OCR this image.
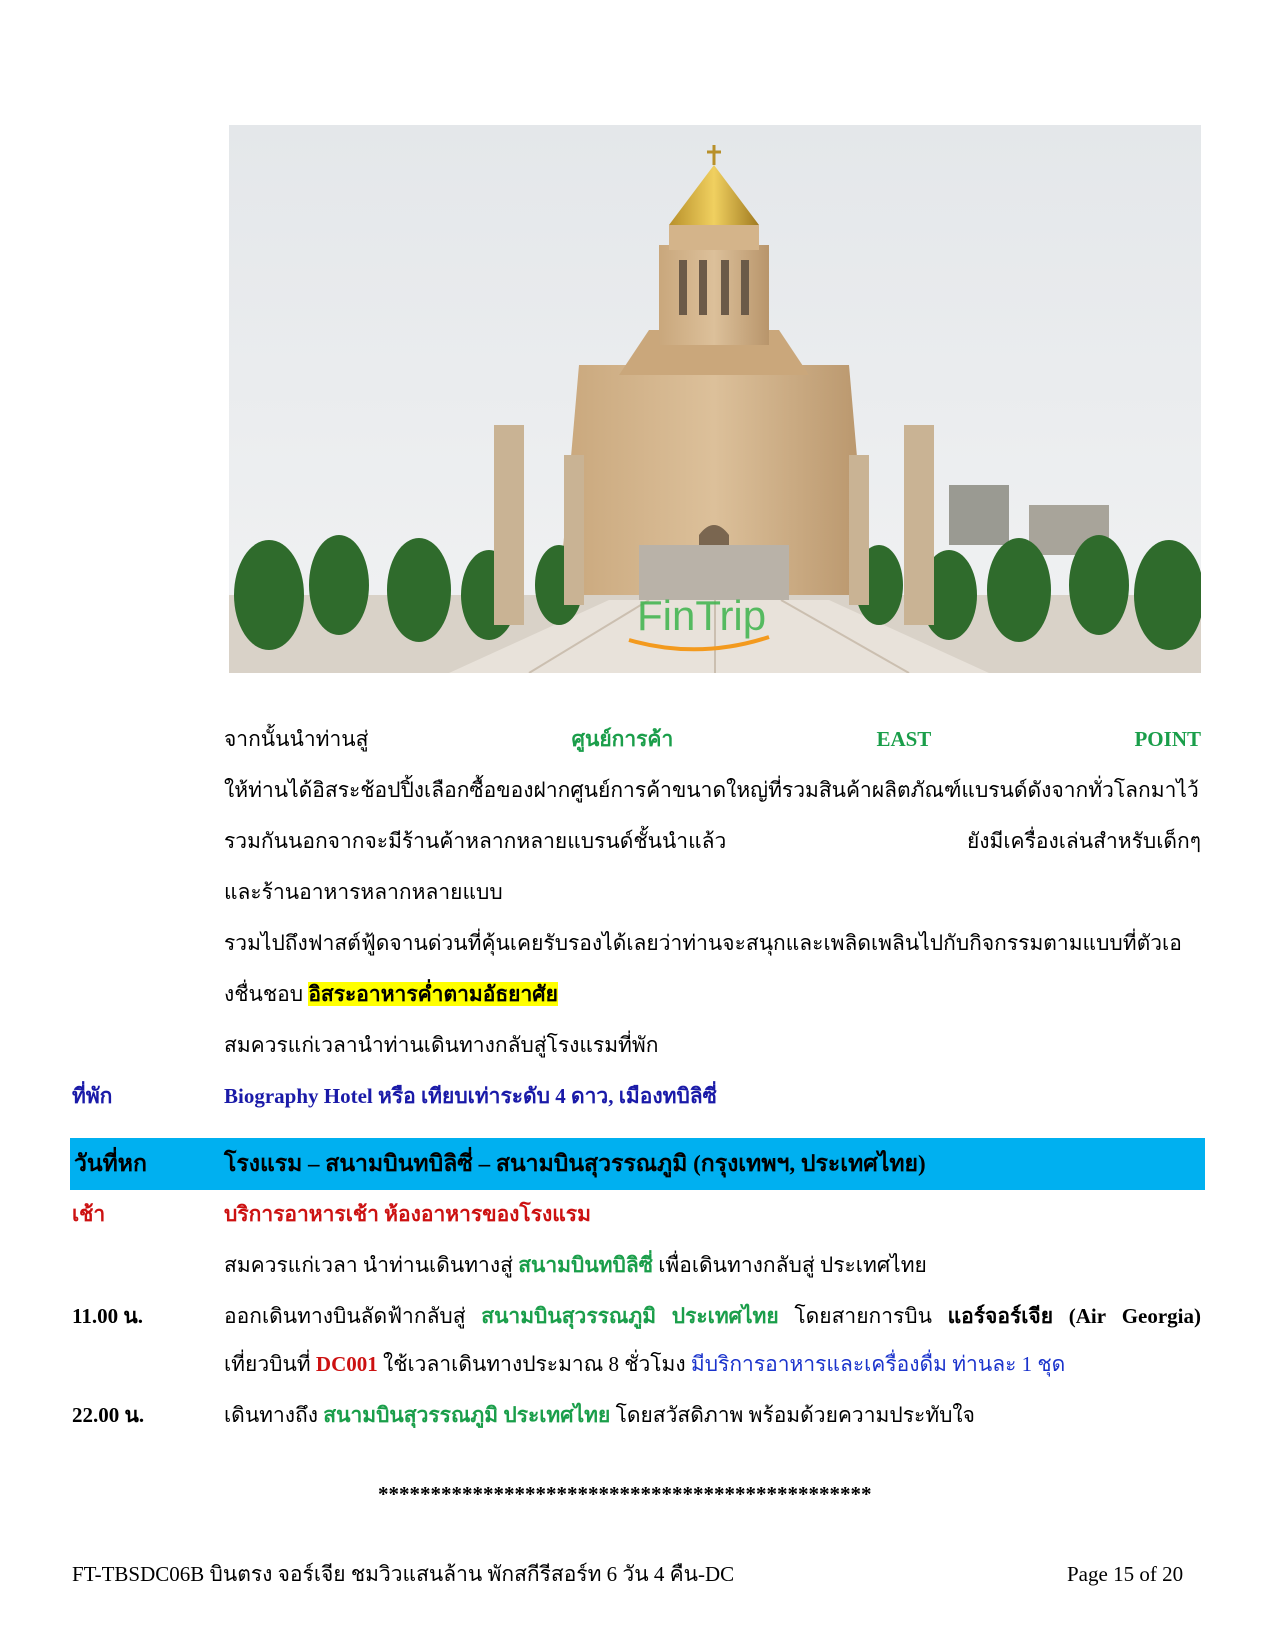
FinTrip
จากนั้นนำท่านสู่	ศูนย์การค้า	EAST	POINT
ให้ท่านได้อิสระช้อปปิ้งเลือกซื้อของฝากศูนย์การค้าขนาดใหญ่ที่รวมสินค้าผลิตภัณฑ์แบรนด์ดังจากทั่วโลกมาไว้
รวมกันนอกจากจะมีร้านค้าหลากหลายแบรนด์ชั้นนำแล้ว	ยังมีเครื่องเล่นสำหรับเด็กๆ
และร้านอาหารหลากหลายแบบ
รวมไปถึงฟาสต์ฟู้ดจานด่วนที่คุ้นเคยรับรองได้เลยว่าท่านจะสนุกและเพลิดเพลินไปกับกิจกรรมตามแบบที่ตัวเอ
งชื่นชอบ อิสระอาหารค่ำตามอัธยาศัย
สมควรแก่เวลานำท่านเดินทางกลับสู่โรงแรมที่พัก
ที่พัก	Biography Hotel หรือ เทียบเท่าระดับ 4 ดาว, เมืองทบิลิซี่
วันที่หก	โรงแรม – สนามบินทบิลิซี่ – สนามบินสุวรรณภูมิ (กรุงเทพฯ, ประเทศไทย)
เช้า	บริการอาหารเช้า ห้องอาหารของโรงแรม
สมควรแก่เวลา นำท่านเดินทางสู่ สนามบินทบิลิซี่ เพื่อเดินทางกลับสู่ ประเทศไทย
11.00 น.	ออกเดินทางบินลัดฟ้ากลับสู่ สนามบินสุวรรณภูมิ ประเทศไทย โดยสายการบิน แอร์จอร์เจีย (Air Georgia)
เที่ยวบินที่ DC001 ใช้เวลาเดินทางประมาณ 8 ชั่วโมง มีบริการอาหารและเครื่องดื่ม ท่านละ 1 ชุด
22.00 น.	เดินทางถึง สนามบินสุวรรณภูมิ ประเทศไทย โดยสวัสดิภาพ พร้อมด้วยความประทับใจ
***********************************************
FT-TBSDC06B บินตรง จอร์เจีย ชมวิวแสนล้าน พักสกีรีสอร์ท 6 วัน 4 คืน-DC	Page 15 of 20
